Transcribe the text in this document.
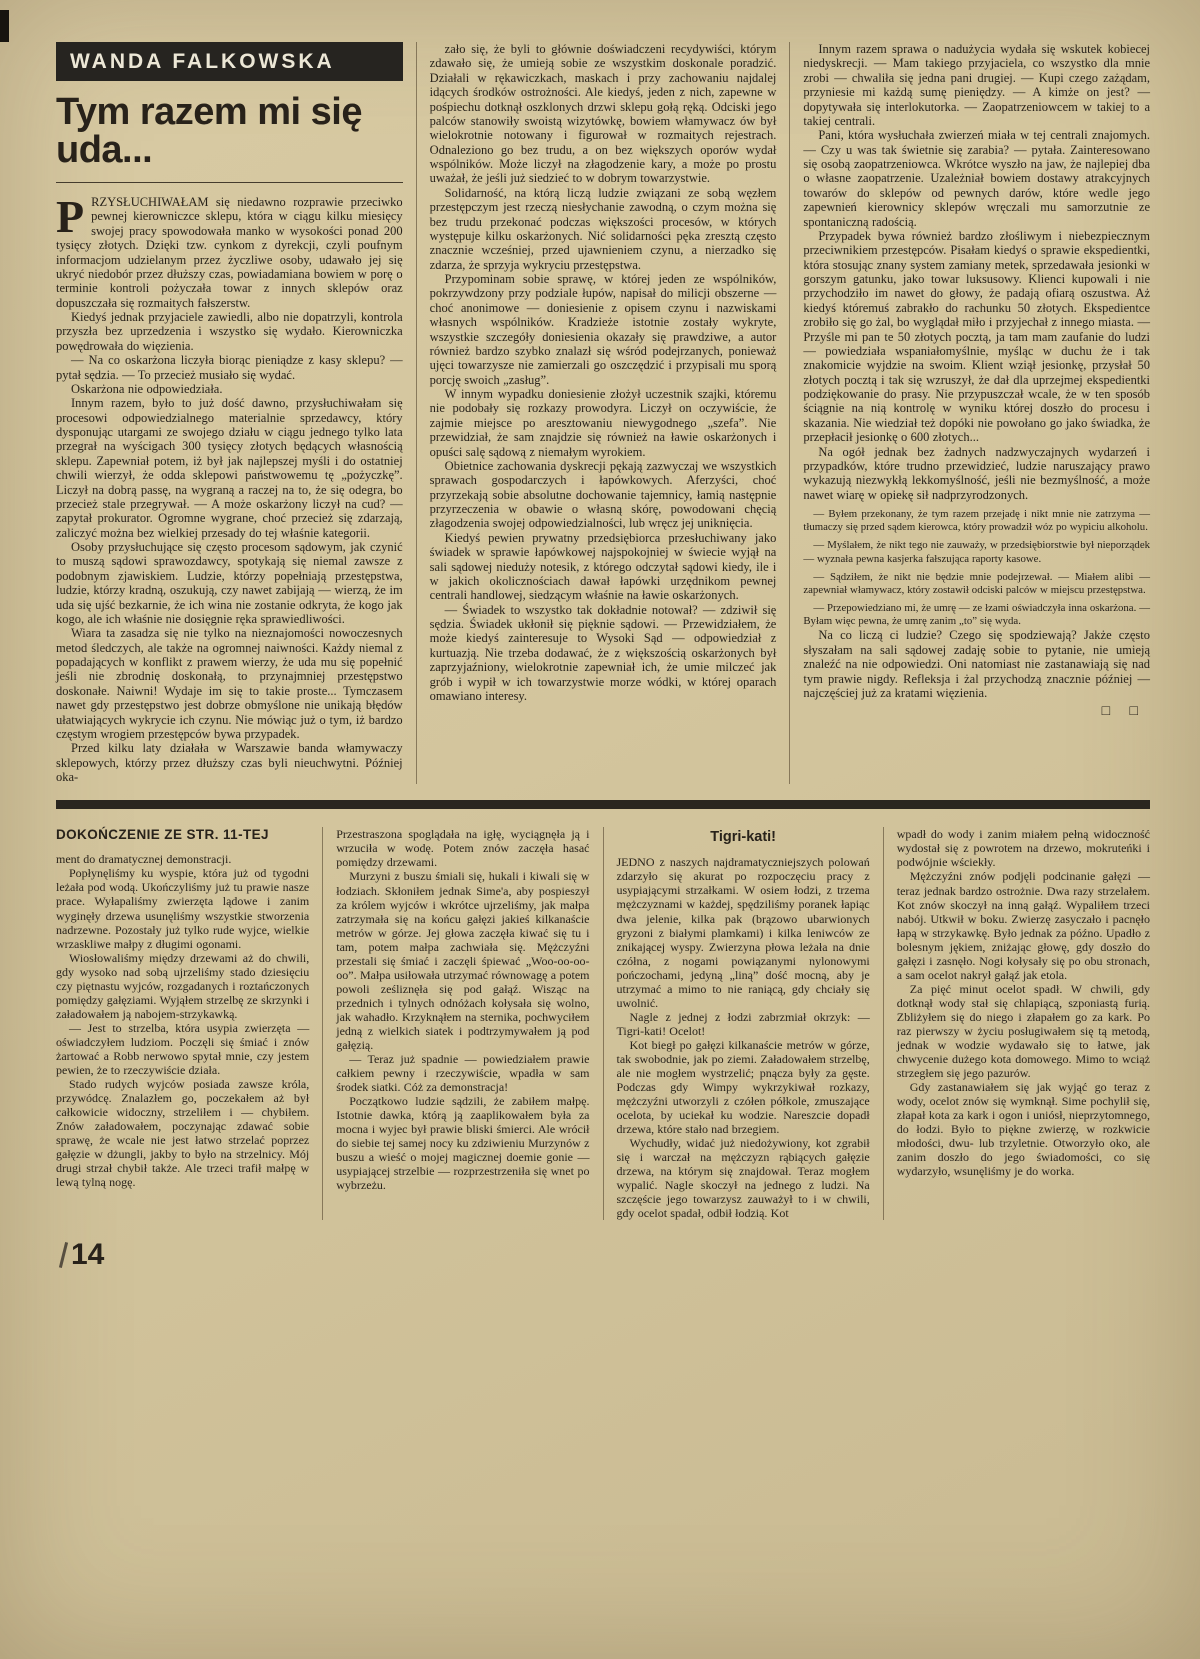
WANDA FALKOWSKA
Tym razem mi się uda...

PRZYSŁUCHIWAŁAM się niedawno rozprawie przeciwko pewnej kierowniczce sklepu, która w ciągu kilku miesięcy swojej pracy spowodowała manko w wysokości ponad 200 tysięcy złotych. Dzięki tzw. cynkom z dyrekcji, czyli poufnym informacjom udzielanym przez życzliwe osoby, udawało jej się ukryć niedobór przez dłuższy czas, powiadamiana bowiem w porę o terminie kontroli pożyczała towar z innych sklepów oraz dopuszczała się rozmaitych fałszerstw.

Kiedyś jednak przyjaciele zawiedli, albo nie dopatrzyli, kontrola przyszła bez uprzedzenia i wszystko się wydało. Kierowniczka powędrowała do więzienia.

— Na co oskarżona liczyła biorąc pieniądze z kasy sklepu? — pytał sędzia. — To przecież musiało się wydać.

Oskarżona nie odpowiedziała.

Innym razem, było to już dość dawno, przysłuchiwałam się procesowi odpowiedzialnego materialnie sprzedawcy, który dysponując utargami ze swojego działu w ciągu jednego tylko lata przegrał na wyścigach 300 tysięcy złotych będących własnością sklepu. Zapewniał potem, iż był jak najlepszej myśli i do ostatniej chwili wierzył, że odda sklepowi państwowemu tę „pożyczkę”. Liczył na dobrą passę, na wygraną a raczej na to, że się odegra, bo przecież stale przegrywał. — A może oskarżony liczył na cud? — zapytał prokurator. Ogromne wygrane, choć przecież się zdarzają, zaliczyć można bez wielkiej przesady do tej właśnie kategorii.

Osoby przysłuchujące się często procesom sądowym, jak czynić to muszą sądowi sprawozdawcy, spotykają się niemal zawsze z podobnym zjawiskiem. Ludzie, którzy popełniają przestępstwa, ludzie, którzy kradną, oszukują, czy nawet zabijają — wierzą, że im uda się ujść bezkarnie, że ich wina nie zostanie odkryta, że kogo jak kogo, ale ich właśnie nie dosięgnie ręka sprawiedliwości.

Wiara ta zasadza się nie tylko na nieznajomości nowoczesnych metod śledczych, ale także na ogromnej naiwności. Każdy niemal z popadających w konflikt z prawem wierzy, że uda mu się popełnić jeśli nie zbrodnię doskonałą, to przynajmniej przestępstwo doskonałe. Naiwni! Wydaje im się to takie proste... Tymczasem nawet gdy przestępstwo jest dobrze obmyślone nie unikają błędów ułatwiających wykrycie ich czynu. Nie mówiąc już o tym, iż bardzo częstym wrogiem przestępców bywa przypadek.

Przed kilku laty działała w Warszawie banda włamywaczy sklepowych, którzy przez dłuższy czas byli nieuchwytni. Później oka-

zało się, że byli to głównie doświadczeni recydywiści, którym zdawało się, że umieją sobie ze wszystkim doskonale poradzić. Działali w rękawiczkach, maskach i przy zachowaniu najdalej idących środków ostrożności. Ale kiedyś, jeden z nich, zapewne w pośpiechu dotknął oszklonych drzwi sklepu gołą ręką. Odciski jego palców stanowiły swoistą wizytówkę, bowiem włamywacz ów był wielokrotnie notowany i figurował w rozmaitych rejestrach. Odnaleziono go bez trudu, a on bez większych oporów wydał wspólników. Może liczył na złagodzenie kary, a może po prostu uważał, że jeśli już siedzieć to w dobrym towarzystwie.

Solidarność, na którą liczą ludzie związani ze sobą węzłem przestępczym jest rzeczą niesłychanie zawodną, o czym można się bez trudu przekonać podczas większości procesów, w których występuje kilku oskarżonych. Nić solidarności pęka zresztą często znacznie wcześniej, przed ujawnieniem czynu, a nierzadko się zdarza, że sprzyja wykryciu przestępstwa.

Przypominam sobie sprawę, w której jeden ze wspólników, pokrzywdzony przy podziale łupów, napisał do milicji obszerne — choć anonimowe — doniesienie z opisem czynu i nazwiskami własnych wspólników. Kradzieże istotnie zostały wykryte, wszystkie szczegóły doniesienia okazały się prawdziwe, a autor również bardzo szybko znalazł się wśród podejrzanych, ponieważ ujęci towarzysze nie zamierzali go oszczędzić i przypisali mu sporą porcję swoich „zasług”.

W innym wypadku doniesienie złożył uczestnik szajki, któremu nie podobały się rozkazy prowodyra. Liczył on oczywiście, że zajmie miejsce po aresztowaniu niewygodnego „szefa”. Nie przewidział, że sam znajdzie się również na ławie oskarżonych i opuści salę sądową z niemałym wyrokiem.

Obietnice zachowania dyskrecji pękają zazwyczaj we wszystkich sprawach gospodarczych i łapówkowych. Aferzyści, choć przyrzekają sobie absolutne dochowanie tajemnicy, łamią następnie przyrzeczenia w obawie o własną skórę, powodowani chęcią złagodzenia swojej odpowiedzialności, lub wręcz jej uniknięcia.

Kiedyś pewien prywatny przedsiębiorca przesłuchiwany jako świadek w sprawie łapówkowej najspokojniej w świecie wyjął na sali sądowej nieduży notesik, z którego odczytał sądowi kiedy, ile i w jakich okolicznościach dawał łapówki urzędnikom pewnej centrali handlowej, siedzącym właśnie na ławie oskarżonych.

— Świadek to wszystko tak dokładnie notował? — zdziwił się sędzia. Świadek ukłonił się pięknie sądowi. — Przewidziałem, że może kiedyś zainteresuje to Wysoki Sąd — odpowiedział z kurtuazją. Nie trzeba dodawać, że z większością oskarżonych był zaprzyjaźniony, wielokrotnie zapewniał ich, że umie milczeć jak grób i wypił w ich towarzystwie morze wódki, w której oparach omawiano interesy.

Innym razem sprawa o nadużycia wydała się wskutek kobiecej niedyskrecji. — Mam takiego przyjaciela, co wszystko dla mnie zrobi — chwaliła się jedna pani drugiej. — Kupi czego zażądam, przyniesie mi każdą sumę pieniędzy. — A kimże on jest? — dopytywała się interlokutorka. — Zaopatrzeniowcem w takiej to a takiej centrali.

Pani, która wysłuchała zwierzeń miała w tej centrali znajomych. — Czy u was tak świetnie się zarabia? — pytała. Zainteresowano się osobą zaopatrzeniowca. Wkrótce wyszło na jaw, że najlepiej dba o własne zaopatrzenie. Uzależniał bowiem dostawy atrakcyjnych towarów do sklepów od pewnych darów, które wedle jego zapewnień kierownicy sklepów wręczali mu samorzutnie ze spontaniczną radością.

Przypadek bywa również bardzo złośliwym i niebezpiecznym przeciwnikiem przestępców. Pisałam kiedyś o sprawie ekspedientki, która stosując znany system zamiany metek, sprzedawała jesionki w gorszym gatunku, jako towar luksusowy. Klienci kupowali i nie przychodziło im nawet do głowy, że padają ofiarą oszustwa. Aż kiedyś któremuś zabrakło do rachunku 50 złotych. Ekspedientce zrobiło się go żal, bo wyglądał miło i przyjechał z innego miasta. — Przyśle mi pan te 50 złotych pocztą, ja tam mam zaufanie do ludzi — powiedziała wspaniałomyślnie, myśląc w duchu że i tak znakomicie wyjdzie na swoim. Klient wziął jesionkę, przysłał 50 złotych pocztą i tak się wzruszył, że dał dla uprzejmej ekspedientki podziękowanie do prasy. Nie przypuszczał wcale, że w ten sposób ściągnie na nią kontrolę w wyniku której doszło do procesu i skazania. Nie wiedział też dopóki nie powołano go jako świadka, że przepłacił jesionkę o 600 złotych...

Na ogół jednak bez żadnych nadzwyczajnych wydarzeń i przypadków, które trudno przewidzieć, ludzie naruszający prawo wykazują niezwykłą lekkomyślność, jeśli nie bezmyślność, a może nawet wiarę w opiekę sił nadprzyrodzonych.

— Byłem przekonany, że tym razem przejadę i nikt mnie nie zatrzyma — tłumaczy się przed sądem kierowca, który prowadził wóz po wypiciu alkoholu.

— Myślałem, że nikt tego nie zauważy, w przedsiębiorstwie był nieporządek — wyznała pewna kasjerka fałszująca raporty kasowe.

— Sądziłem, że nikt nie będzie mnie podejrzewał. — Miałem alibi — zapewniał włamywacz, który zostawił odciski palców w miejscu przestępstwa.

— Przepowiedziano mi, że umrę — ze łzami oświadczyła inna oskarżona. — Byłam więc pewna, że umrę zanim „to” się wyda.

Na co liczą ci ludzie? Czego się spodziewają? Jakże często słyszałam na sali sądowej zadaję sobie to pytanie, nie umieją znaleźć na nie odpowiedzi. Oni natomiast nie zastanawiają się nad tym prawie nigdy. Refleksja i żal przychodzą znacznie później — najczęściej już za kratami więzienia.

□ □
DOKOŃCZENIE ZE STR. 11-TEJ

ment do dramatycznej demonstracji.

Popłynęliśmy ku wyspie, która już od tygodni leżała pod wodą. Ukończyliśmy już tu prawie nasze prace. Wyłapaliśmy zwierzęta lądowe i zanim wyginęły drzewa usunęliśmy wszystkie stworzenia nadrzewne. Pozostały już tylko rude wyjce, wielkie wrzaskliwe małpy z długimi ogonami.

Wiosłowaliśmy między drzewami aż do chwili, gdy wysoko nad sobą ujrzeliśmy stado dziesięciu czy piętnastu wyjców, rozgadanych i roztańczonych pomiędzy gałęziami. Wyjąłem strzelbę ze skrzynki i załadowałem ją nabojem-strzykawką.

— Jest to strzelba, która usypia zwierzęta — oświadczyłem ludziom. Poczęli się śmiać i znów żartować a Robb nerwowo spytał mnie, czy jestem pewien, że to rzeczywiście działa.

Stado rudych wyjców posiada zawsze króla, przywódcę. Znalazłem go, poczekałem aż był całkowicie widoczny, strzeliłem i — chybiłem. Znów załadowałem, poczynając zdawać sobie sprawę, że wcale nie jest łatwo strzelać poprzez gałęzie w dżungli, jakby to było na strzelnicy. Mój drugi strzał chybił także. Ale trzeci trafił małpę w lewą tylną nogę.

Przestraszona spoglądała na igłę, wyciągnęła ją i wrzuciła w wodę. Potem znów zaczęła hasać pomiędzy drzewami.

Murzyni z buszu śmiali się, hukali i kiwali się w łodziach. Skłoniłem jednak Sime'a, aby pospieszył za królem wyjców i wkrótce ujrzeliśmy, jak małpa zatrzymała się na końcu gałęzi jakieś kilkanaście metrów w górze. Jej głowa zaczęła kiwać się tu i tam, potem małpa zachwiała się. Mężczyźni przestali się śmiać i zaczęli śpiewać „Woo-oo-oo-oo”. Małpa usiłowała utrzymać równowagę a potem powoli ześliznęła się pod gałąź. Wisząc na przednich i tylnych odnóżach kołysała się wolno, jak wahadło. Krzyknąłem na sternika, pochwyciłem jedną z wielkich siatek i podtrzymywałem ją pod gałęzią.

— Teraz już spadnie — powiedziałem prawie całkiem pewny i rzeczywiście, wpadła w sam środek siatki. Cóż za demonstracja!

Początkowo ludzie sądzili, że zabiłem małpę. Istotnie dawka, którą ją zaaplikowałem była za mocna i wyjec był prawie bliski śmierci. Ale wrócił do siebie tej samej nocy ku zdziwieniu Murzynów z buszu a wieść o mojej magicznej doemie gonie — usypiającej strzelbie — rozprzestrzeniła się wnet po wybrzeżu.

Tigri-kati!

JEDNO z naszych najdramatyczniejszych polowań zdarzyło się akurat po rozpoczęciu pracy z usypiającymi strzałkami. W osiem łodzi, z trzema mężczyznami w każdej, spędziliśmy poranek łapiąc dwa jelenie, kilka pak (brązowo ubarwionych gryzoni z białymi plamkami) i kilka leniwców ze znikającej wyspy. Zwierzyna płowa leżała na dnie czółna, z nogami powiązanymi nylonowymi pończochami, jedyną „liną” dość mocną, aby je utrzymać a mimo to nie raniącą, gdy chciały się uwolnić.

Nagle z jednej z łodzi zabrzmiał okrzyk: — Tigri-kati! Ocelot!

Kot biegł po gałęzi kilkanaście metrów w górze, tak swobodnie, jak po ziemi. Załadowałem strzelbę, ale nie mogłem wystrzelić; pnącza były za gęste. Podczas gdy Wimpy wykrzykiwał rozkazy, mężczyźni utworzyli z czółen półkole, zmuszające ocelota, by uciekał ku wodzie. Nareszcie dopadł drzewa, które stało nad brzegiem.

Wychudły, widać już niedożywiony, kot zgrabił się i warczał na mężczyzn rąbiących gałęzie drzewa, na którym się znajdował. Teraz mogłem wypalić. Nagle skoczył na jednego z ludzi. Na szczęście jego towarzysz zauważył to i w chwili, gdy ocelot spadał, odbił łodzią. Kot

wpadł do wody i zanim miałem pełną widoczność wydostał się z powrotem na drzewo, mokruteńki i podwójnie wściekły.

Mężczyźni znów podjęli podcinanie gałęzi — teraz jednak bardzo ostrożnie. Dwa razy strzelałem. Kot znów skoczył na inną gałąź. Wypaliłem trzeci nabój. Utkwił w boku. Zwierzę zasyczało i pacnęło łapą w strzykawkę. Było jednak za późno. Upadło z bolesnym jękiem, zniżając głowę, gdy doszło do gałęzi i zasnęło. Nogi kołysały się po obu stronach, a sam ocelot nakrył gałąź jak etola.

Za pięć minut ocelot spadł. W chwili, gdy dotknął wody stał się chlapiącą, szponiastą furią. Zbliżyłem się do niego i złapałem go za kark. Po raz pierwszy w życiu posługiwałem się tą metodą, jednak w wodzie wydawało się to łatwe, jak chwycenie dużego kota domowego. Mimo to wciąż strzegłem się jego pazurów.

Gdy zastanawiałem się jak wyjąć go teraz z wody, ocelot znów się wymknął. Sime pochylił się, złapał kota za kark i ogon i uniósł, nieprzytomnego, do łodzi. Było to piękne zwierzę, w rozkwicie młodości, dwu- lub trzyletnie. Otworzyło oko, ale zanim doszło do jego świadomości, co się wydarzyło, wsunęliśmy je do worka.

14
